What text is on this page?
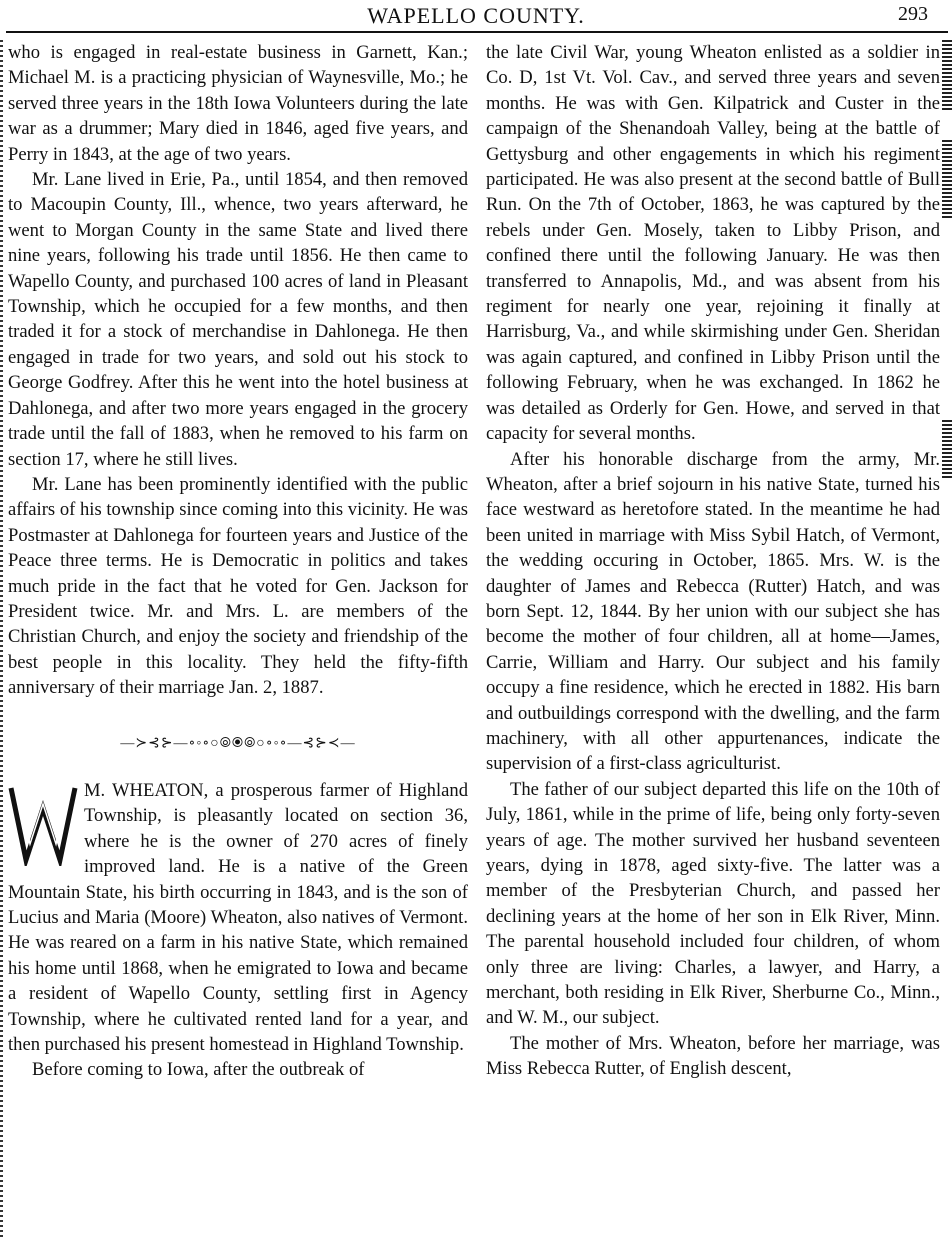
WAPELLO COUNTY.	293

who is engaged in real-estate business in Garnett, Kan.; Michael M. is a practicing physician of Waynesville, Mo.; he served three years in the 18th Iowa Volunteers during the late war as a drummer; Mary died in 1846, aged five years, and Perry in 1843, at the age of two years.

Mr. Lane lived in Erie, Pa., until 1854, and then removed to Macoupin County, Ill., whence, two years afterward, he went to Morgan County in the same State and lived there nine years, following his trade until 1856. He then came to Wapello County, and purchased 100 acres of land in Pleasant Township, which he occupied for a few months, and then traded it for a stock of merchandise in Dahlonega. He then engaged in trade for two years, and sold out his stock to George Godfrey. After this he went into the hotel business at Dahlonega, and after two more years engaged in the grocery trade until the fall of 1883, when he removed to his farm on section 17, where he still lives.

Mr. Lane has been prominently identified with the public affairs of his township since coming into this vicinity. He was Postmaster at Dahlonega for fourteen years and Justice of the Peace three terms. He is Democratic in politics and takes much pride in the fact that he voted for Gen. Jackson for President twice. Mr. and Mrs. L. are members of the Christian Church, and enjoy the society and friendship of the best people in this locality. They held the fifty-fifth anniversary of their marriage Jan. 2, 1887.

—≻⊰⊱—∘◦∘○⦾⦿⦾○∘◦∘—⊰⊱≺—

W
M. WHEATON, a prosperous farmer of Highland Township, is pleasantly located on section 36, where he is the owner of 270 acres of finely improved land. He is a native of the Green Mountain State, his birth occurring in 1843, and is the son of Lucius and Maria (Moore) Wheaton, also natives of Vermont. He was reared on a farm in his native State, which remained his home until 1868, when he emigrated to Iowa and became a resident of Wapello County, settling first in Agency Township, where he cultivated rented land for a year, and then purchased his present homestead in Highland Township.

Before coming to Iowa, after the outbreak of

the late Civil War, young Wheaton enlisted as a soldier in Co. D, 1st Vt. Vol. Cav., and served three years and seven months. He was with Gen. Kilpatrick and Custer in the campaign of the Shenandoah Valley, being at the battle of Gettysburg and other engagements in which his regiment participated. He was also present at the second battle of Bull Run. On the 7th of October, 1863, he was captured by the rebels under Gen. Mosely, taken to Libby Prison, and confined there until the following January. He was then transferred to Annapolis, Md., and was absent from his regiment for nearly one year, rejoining it finally at Harrisburg, Va., and while skirmishing under Gen. Sheridan was again captured, and confined in Libby Prison until the following February, when he was exchanged. In 1862 he was detailed as Orderly for Gen. Howe, and served in that capacity for several months.

After his honorable discharge from the army, Mr. Wheaton, after a brief sojourn in his native State, turned his face westward as heretofore stated. In the meantime he had been united in marriage with Miss Sybil Hatch, of Vermont, the wedding occuring in October, 1865. Mrs. W. is the daughter of James and Rebecca (Rutter) Hatch, and was born Sept. 12, 1844. By her union with our subject she has become the mother of four children, all at home—James, Carrie, William and Harry. Our subject and his family occupy a fine residence, which he erected in 1882. His barn and outbuildings correspond with the dwelling, and the farm machinery, with all other appurtenances, indicate the supervision of a first-class agriculturist.

The father of our subject departed this life on the 10th of July, 1861, while in the prime of life, being only forty-seven years of age. The mother survived her husband seventeen years, dying in 1878, aged sixty-five. The latter was a member of the Presbyterian Church, and passed her declining years at the home of her son in Elk River, Minn. The parental household included four children, of whom only three are living: Charles, a lawyer, and Harry, a merchant, both residing in Elk River, Sherburne Co., Minn., and W. M., our subject.

The mother of Mrs. Wheaton, before her marriage, was Miss Rebecca Rutter, of English descent,
